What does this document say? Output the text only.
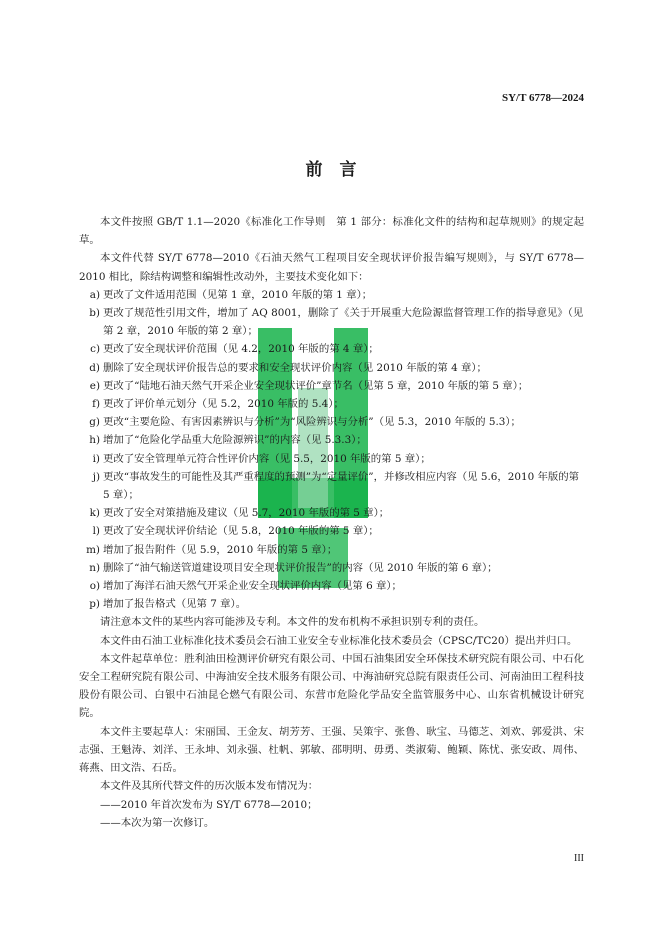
SY/T 6778—2024
前　言

本文件按照 GB/T 1.1—2020《标准化工作导则　第 1 部分：标准化文件的结构和起草规则》的规定起草。

本文件代替 SY/T 6778—2010《石油天然气工程项目安全现状评价报告编写规则》，与 SY/T 6778—2010 相比，除结构调整和编辑性改动外，主要技术变化如下：

a) 更改了文件适用范围（见第 1 章，2010 年版的第 1 章）；
b) 更改了规范性引用文件，增加了 AQ 8001，删除了《关于开展重大危险源监督管理工作的指导意见》（见第 2 章，2010 年版的第 2 章）；
c) 更改了安全现状评价范围（见 4.2，2010 年版的第 4 章）；
d) 删除了安全现状评价报告总的要求和安全现状评价内容（见 2010 年版的第 4 章）；
e) 更改了“陆地石油天然气开采企业安全现状评价”章节名（见第 5 章，2010 年版的第 5 章）；
f) 更改了评价单元划分（见 5.2，2010 年版的 5.4）；
g) 更改“主要危险、有害因素辨识与分析”为“风险辨识与分析”（见 5.3，2010 年版的 5.3）；
h) 增加了“危险化学品重大危险源辨识”的内容（见 5.3.3）；
i) 更改了安全管理单元符合性评价内容（见 5.5，2010 年版的第 5 章）；
j) 更改“事故发生的可能性及其严重程度的预测”为“定量评价”，并修改相应内容（见 5.6，2010 年版的第 5 章）；
k) 更改了安全对策措施及建议（见 5.7，2010 年版的第 5 章）；
l) 更改了安全现状评价结论（见 5.8，2010 年版的第 5 章）；
m) 增加了报告附件（见 5.9，2010 年版的第 5 章）；
n) 删除了“油气输送管道建设项目安全现状评价报告”的内容（见 2010 年版的第 6 章）；
o) 增加了海洋石油天然气开采企业安全现状评价内容（见第 6 章）；
p) 增加了报告格式（见第 7 章）。

请注意本文件的某些内容可能涉及专利。本文件的发布机构不承担识别专利的责任。

本文件由石油工业标准化技术委员会石油工业安全专业标准化技术委员会（CPSC/TC20）提出并归口。

本文件起草单位：胜利油田检测评价研究有限公司、中国石油集团安全环保技术研究院有限公司、中石化安全工程研究院有限公司、中海油安全技术服务有限公司、中海油研究总院有限责任公司、河南油田工程科技股份有限公司、白银中石油昆仑燃气有限公司、东营市危险化学品安全监管服务中心、山东省机械设计研究院。

本文件主要起草人：宋丽国、王金友、胡芳芳、王强、吴策宇、张鲁、耿宝、马德芝、刘欢、郭爱洪、宋志强、王魁涛、刘洋、王永坤、刘永强、杜帆、郭敏、邵明明、毋勇、类淑菊、鲍颖、陈忧、张安政、周伟、蒋燕、田文浩、石岳。

本文件及其所代替文件的历次版本发布情况为：

——2010 年首次发布为 SY/T 6778—2010；

——本次为第一次修订。

III
